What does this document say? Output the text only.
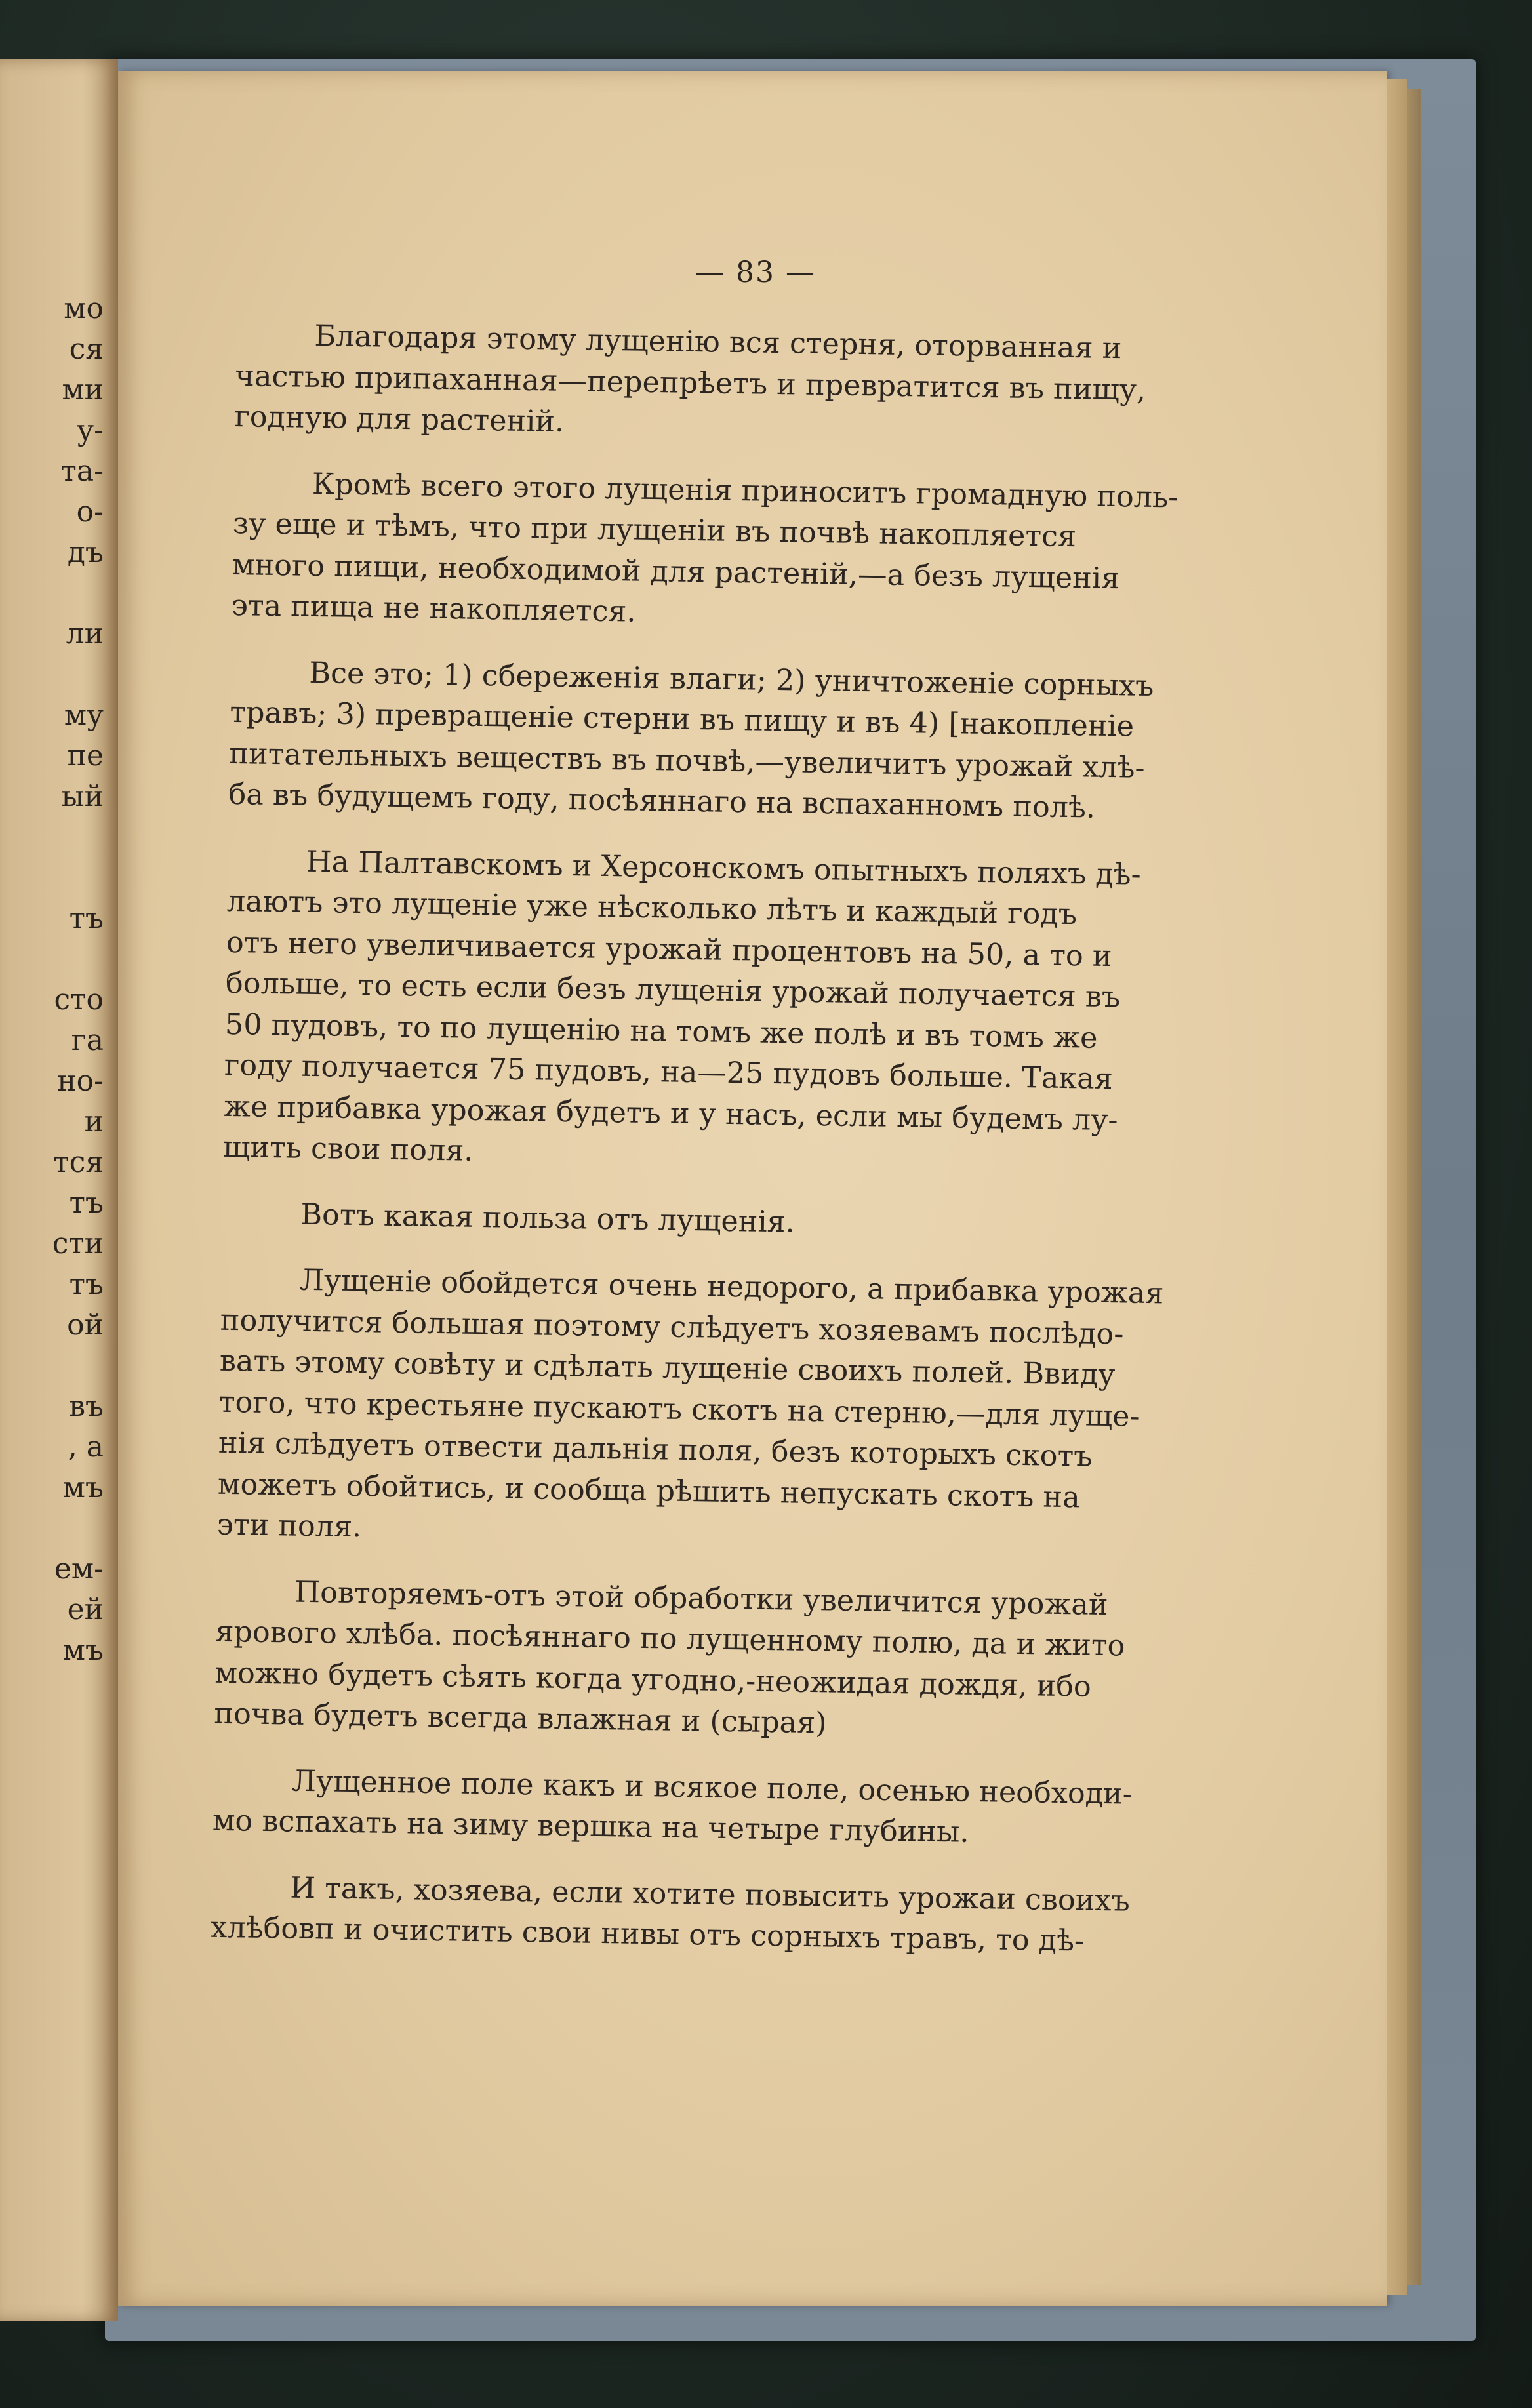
мо
ся
ми
у-
та-
о-
дъ
ли
му
пе
ый
тъ
сто
га
но-
и
тся
тъ
сти
тъ
ой
въ
, а
мъ
ем-
ей
мъ
— 83 —
Благодаря этому лущенію вся стерня, оторванная и
частью припаханная—перепрѣетъ и превратится въ пищу,
годную для растеній.
Кромѣ всего этого лущенія приноситъ громадную поль-
зу еще и тѣмъ, что при лущеніи въ почвѣ накопляется
много пищи, необходимой для растеній,—а безъ лущенія
эта пища не накопляется.
Все это; 1) сбереженія влаги; 2) уничтоженіе сорныхъ
травъ; 3) превращеніе стерни въ пищу и въ 4) [накопленіе
питательныхъ веществъ въ почвѣ,—увеличитъ урожай хлѣ-
ба въ будущемъ году, посѣяннаго на вспаханномъ полѣ.
На Палтавскомъ и Херсонскомъ опытныхъ поляхъ дѣ-
лаютъ это лущеніе уже нѣсколько лѣтъ и каждый годъ
отъ него увеличивается урожай процентовъ на 50, а то и
больше, то есть если безъ лущенія урожай получается въ
50 пудовъ, то по лущенію на томъ же полѣ и въ томъ же
году получается 75 пудовъ, на—25 пудовъ больше. Такая
же прибавка урожая будетъ и у насъ, если мы будемъ лу-
щить свои поля.
Вотъ какая польза отъ лущенія.
Лущеніе обойдется очень недорого, а прибавка урожая
получится большая поэтому слѣдуетъ хозяевамъ послѣдо-
вать этому совѣту и сдѣлать лущеніе своихъ полей. Ввиду
того, что крестьяне пускаютъ скотъ на стерню,—для луще-
нія слѣдуетъ отвести дальнія поля, безъ которыхъ скотъ
можетъ обойтись, и сообща рѣшить непускать скотъ на
эти поля.
Повторяемъ-отъ этой обработки увеличится урожай
ярового хлѣба. посѣяннаго по лущенному полю, да и жито
можно будетъ сѣять когда угодно,-неожидая дождя, ибо
почва будетъ всегда влажная и (сырая)
Лущенное поле какъ и всякое поле, осенью необходи-
мо вспахать на зиму вершка на четыре глубины.
И такъ, хозяева, если хотите повысить урожаи своихъ
хлѣбовп и очистить свои нивы отъ сорныхъ травъ, то дѣ-
